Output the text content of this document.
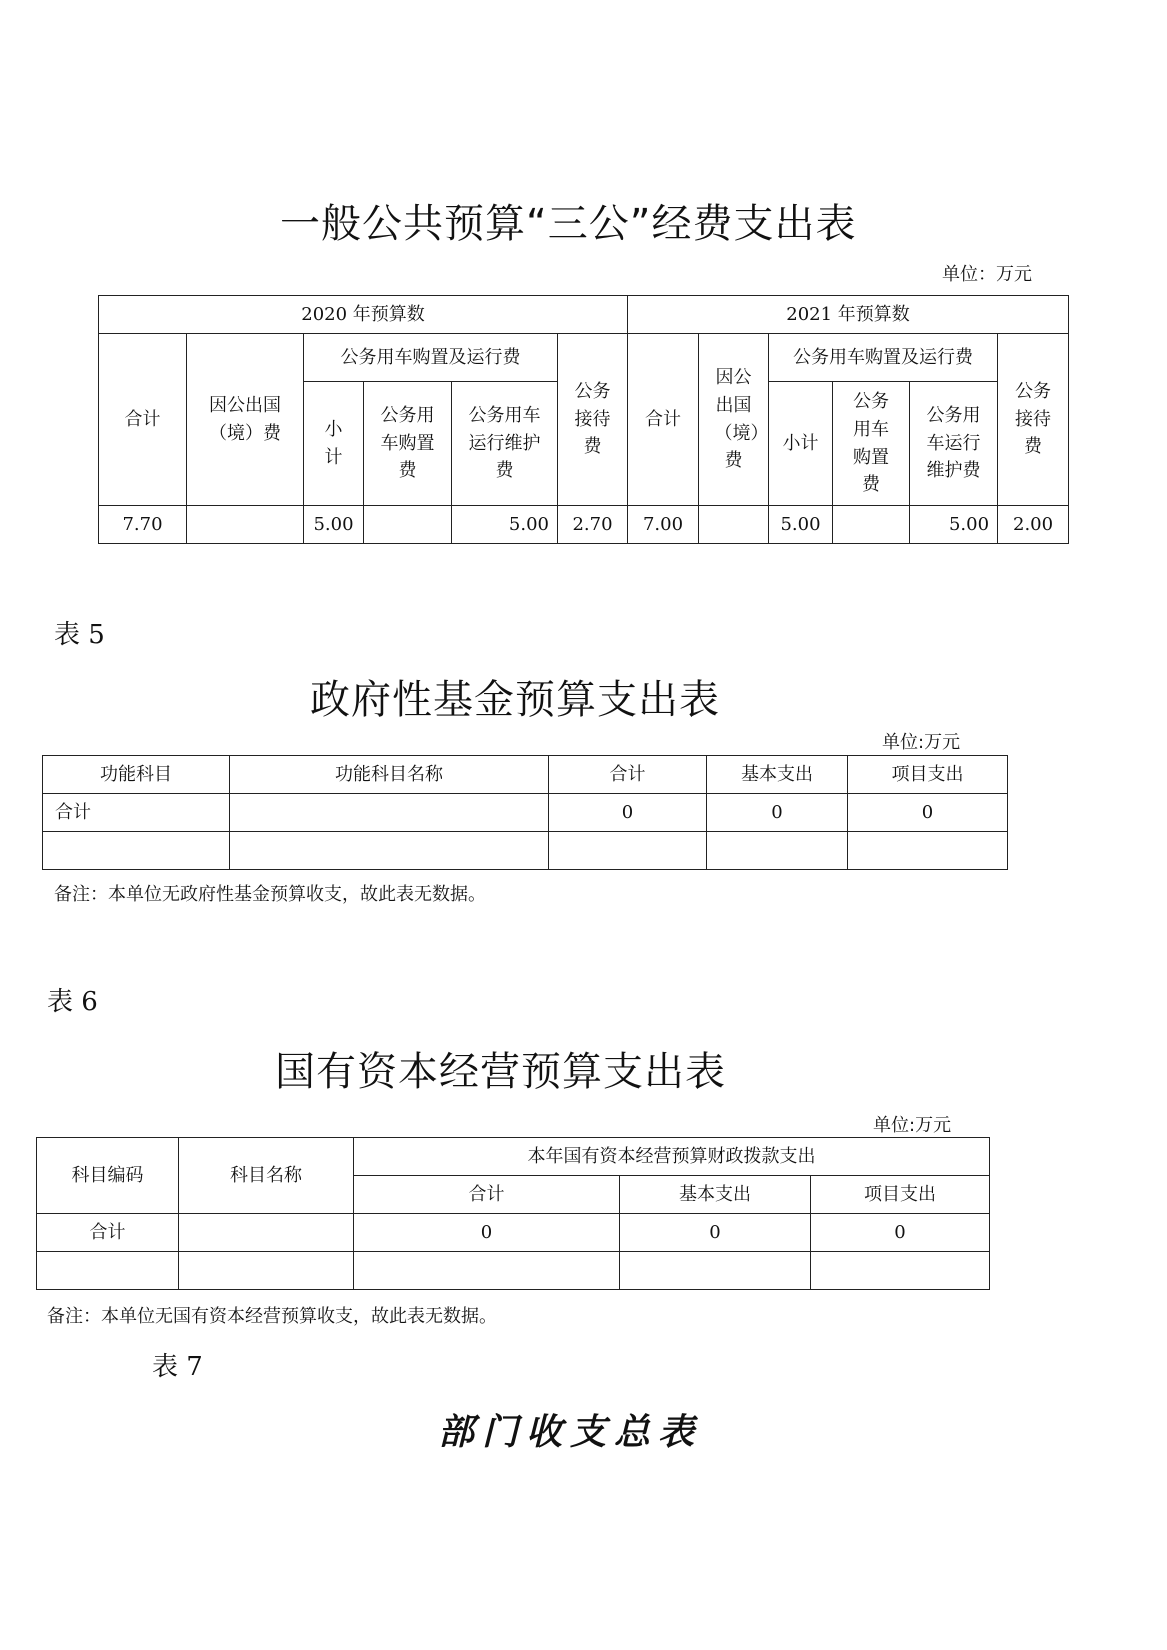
一般公共预算“三公”经费支出表
单位：万元
2020 年预算数						2021 年预算数					
合计	因公出国（境）费	公务用车购置及运行费			公务接待费	合计	因公出国（境）费	公务用车购置及运行费			公务接待费
		小计	公务用车购置费	公务用车运行维护费				小计	公务用车购置费	公务用车运行维护费	
7.70		5.00		5.00	2.70	7.00		5.00		5.00	2.00
表 5
政府性基金预算支出表
单位:万元
功能科目	功能科目名称	合计	基本支出	项目支出
合计		0	0	0

备注：本单位无政府性基金预算收支，故此表无数据。
表 6
国有资本经营预算支出表
单位:万元
科目编码	科目名称	本年国有资本经营预算财政拨款支出		
		合计	基本支出	项目支出
合计		0	0	0

备注：本单位无国有资本经营预算收支，故此表无数据。
表 7
部门收支总表
